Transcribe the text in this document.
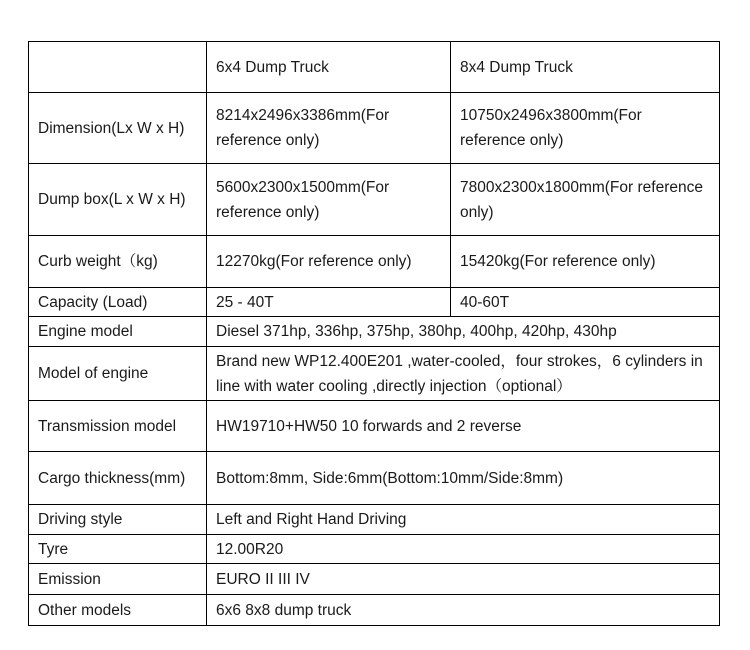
	6x4 Dump Truck	8x4 Dump Truck
Dimension(Lx W x H)	8214x2496x3386mm(For reference only)	10750x2496x3800mm(For reference only)
Dump box(L x W x H)	5600x2300x1500mm(For reference only)	7800x2300x1800mm(For reference only)
Curb weight（kg)	12270kg(For reference only)	15420kg(For reference only)
Capacity (Load)	25 - 40T	40-60T
Engine model	Diesel 371hp, 336hp, 375hp, 380hp, 400hp, 420hp, 430hp	
Model of engine	Brand new WP12.400E201 ,water-cooled，four strokes，6 cylinders in line with water cooling ,directly injection（optional）	
Transmission model	HW19710+HW50 10 forwards and 2 reverse	
Cargo thickness(mm)	Bottom:8mm, Side:6mm(Bottom:10mm/Side:8mm)	
Driving style	Left and Right Hand Driving	
Tyre	12.00R20	
Emission	EURO II III IV	
Other models	6x6 8x8 dump truck	
